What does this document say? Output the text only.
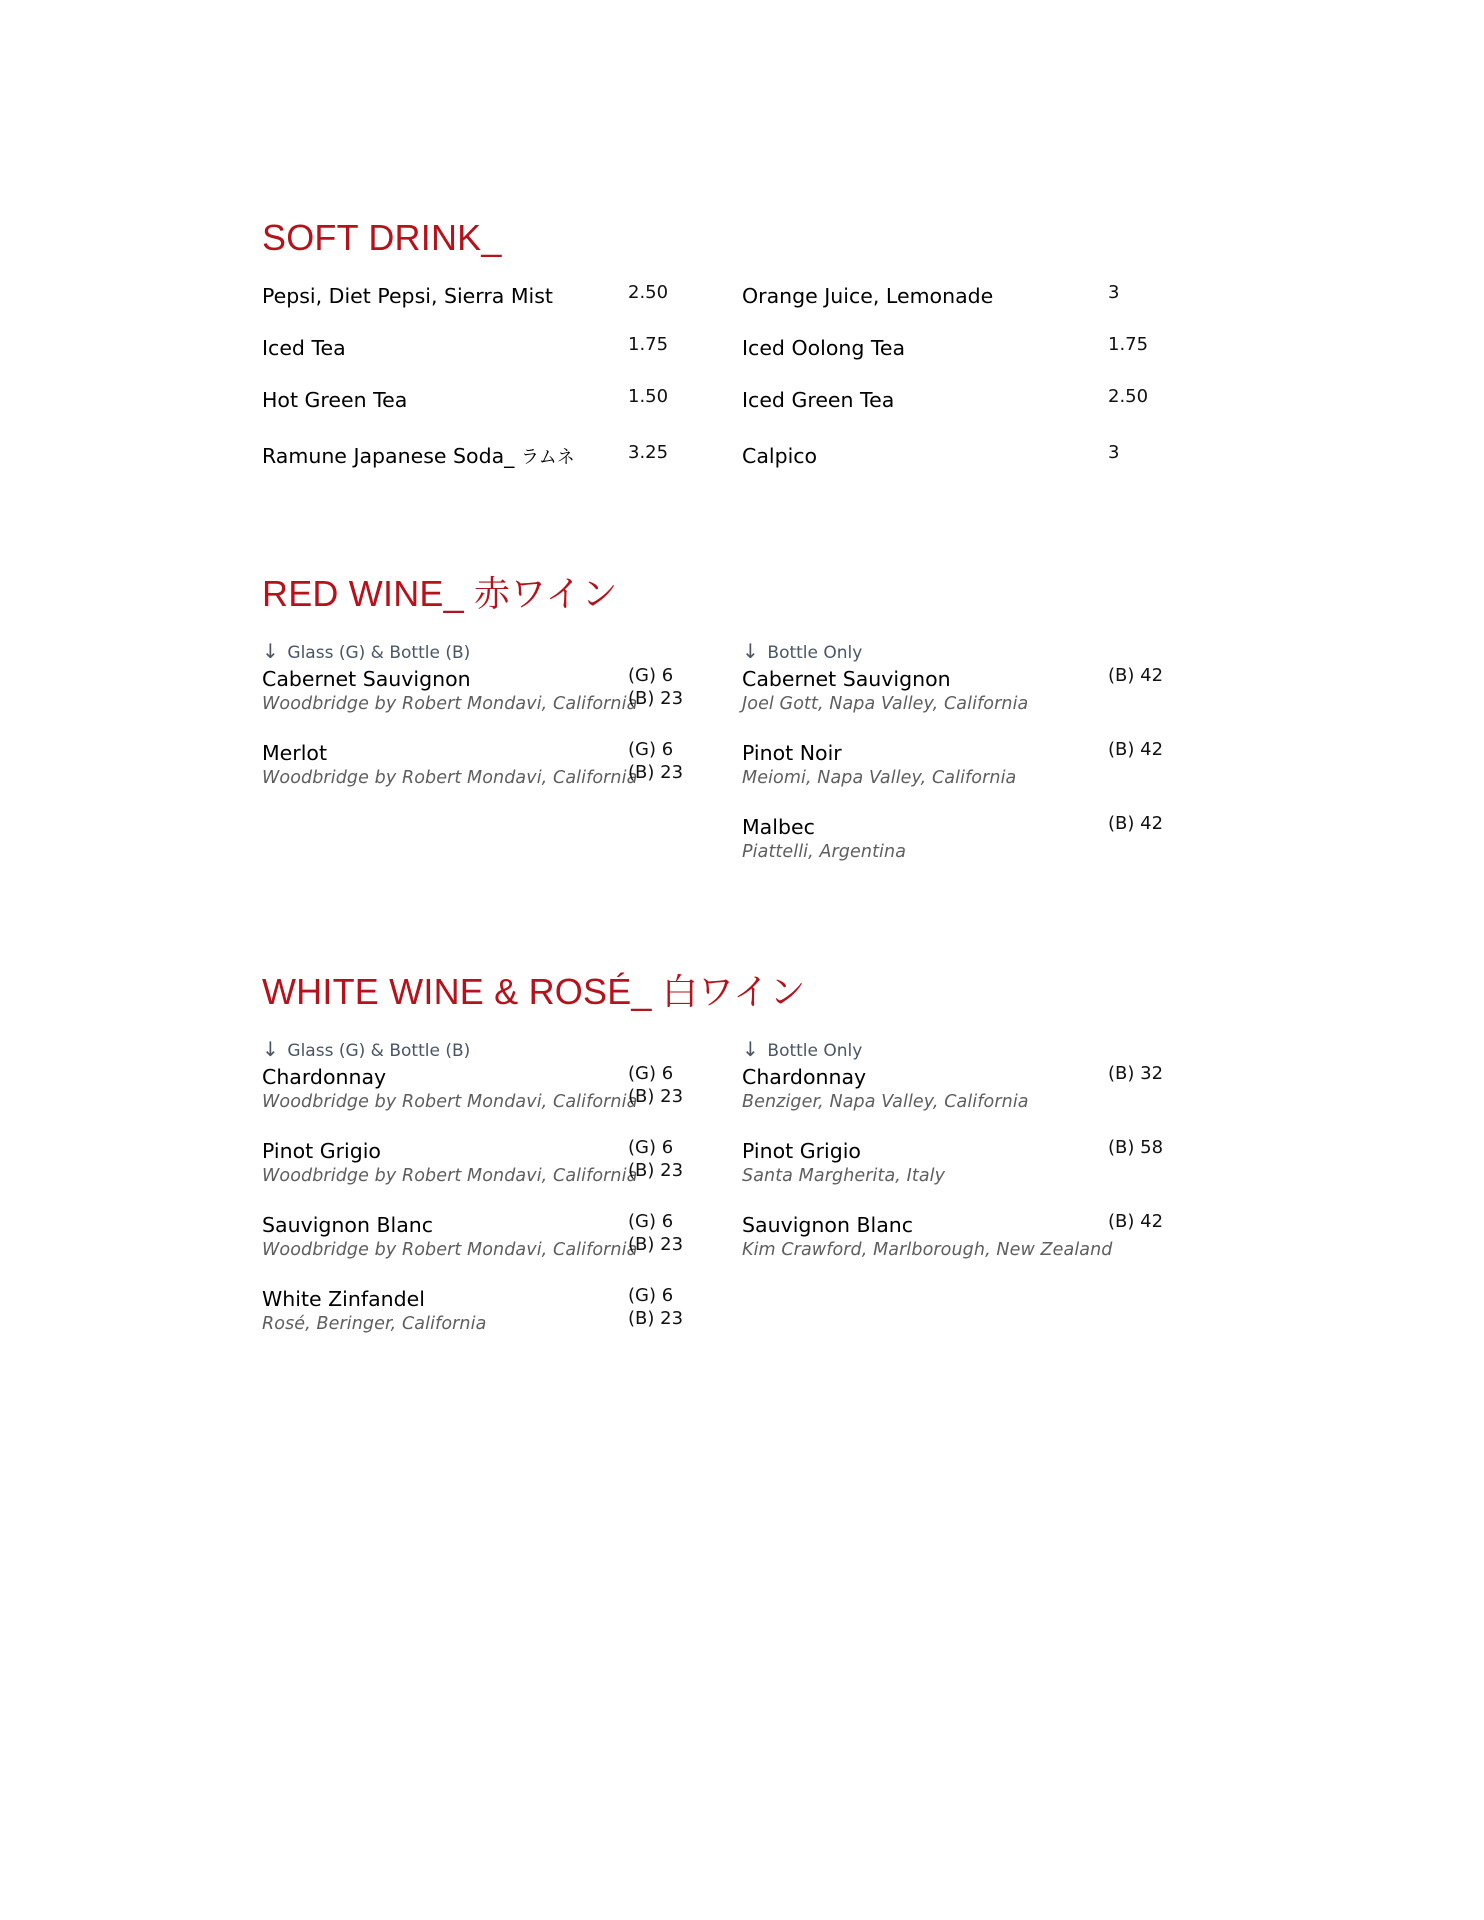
SOFT DRINK_
Pepsi, Diet Pepsi, Sierra Mist	2.50
Iced Tea	1.75
Hot Green Tea	1.50
Ramune Japanese Soda_ ラムネ	3.25
Orange Juice, Lemonade	3
Iced Oolong Tea	1.75
Iced Green Tea	2.50
Calpico	3
RED WINE_ 赤ワイン
↓ Glass (G) & Bottle (B)
Cabernet Sauvignon
Woodbridge by Robert Mondavi, California
(G) 6
(B) 23
Merlot
Woodbridge by Robert Mondavi, California
(G) 6
(B) 23
↓ Bottle Only
Cabernet Sauvignon
Joel Gott, Napa Valley, California
(B) 42
Pinot Noir
Meiomi, Napa Valley, California
(B) 42
Malbec
Piattelli, Argentina
(B) 42
WHITE WINE & ROSÉ_ 白ワイン
↓ Glass (G) & Bottle (B)
Chardonnay
Woodbridge by Robert Mondavi, California
(G) 6
(B) 23
Pinot Grigio
Woodbridge by Robert Mondavi, California
(G) 6
(B) 23
Sauvignon Blanc
Woodbridge by Robert Mondavi, California
(G) 6
(B) 23
White Zinfandel
Rosé, Beringer, California
(G) 6
(B) 23
↓ Bottle Only
Chardonnay
Benziger, Napa Valley, California
(B) 32
Pinot Grigio
Santa Margherita, Italy
(B) 58
Sauvignon Blanc
Kim Crawford, Marlborough, New Zealand
(B) 42
